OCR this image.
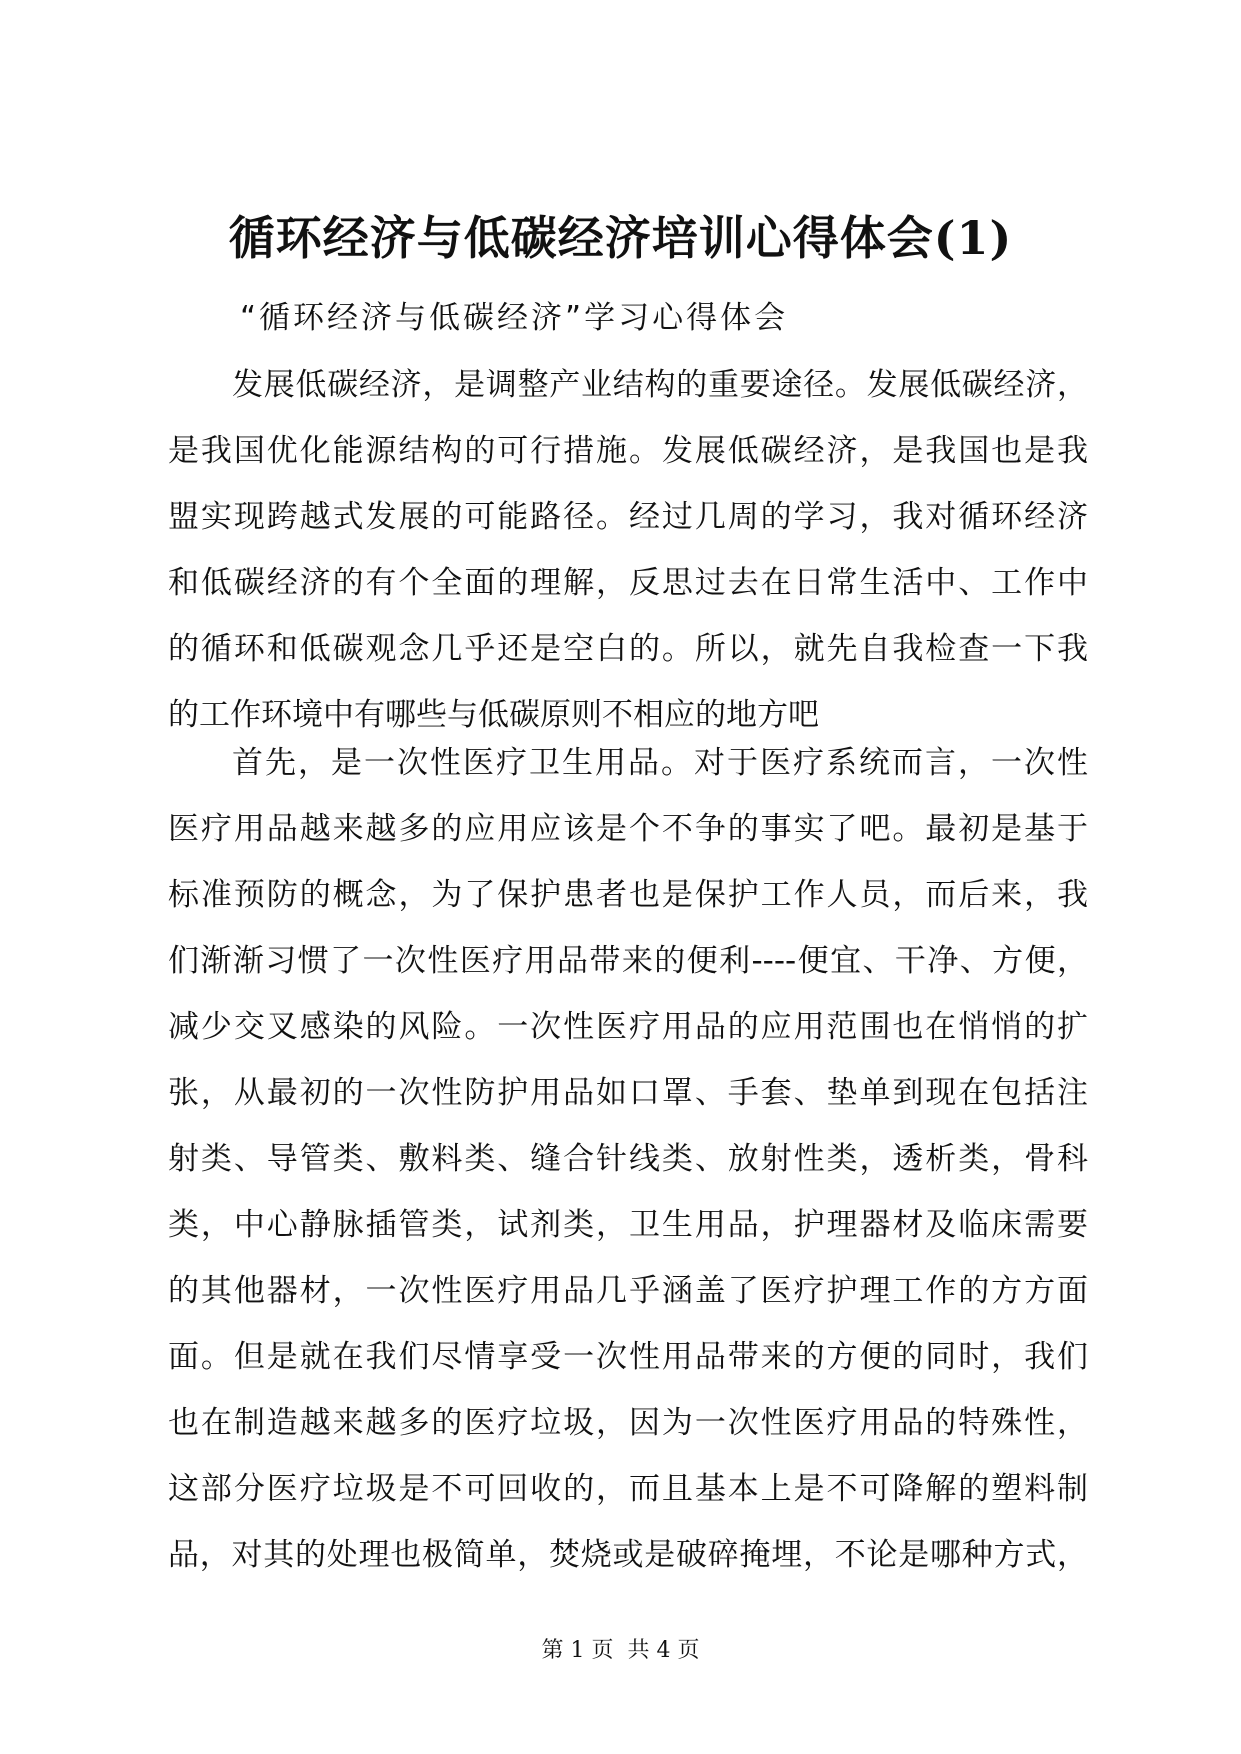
循环经济与低碳经济培训心得体会(1)
“循环经济与低碳经济”学习心得体会
发展低碳经济，是调整产业结构的重要途径。发展低碳经济，
是我国优化能源结构的可行措施。发展低碳经济，是我国也是我
盟实现跨越式发展的可能路径。经过几周的学习，我对循环经济
和低碳经济的有个全面的理解，反思过去在日常生活中、工作中
的循环和低碳观念几乎还是空白的。所以，就先自我检查一下我
的工作环境中有哪些与低碳原则不相应的地方吧
首先，是一次性医疗卫生用品。对于医疗系统而言，一次性
医疗用品越来越多的应用应该是个不争的事实了吧。最初是基于
标准预防的概念，为了保护患者也是保护工作人员，而后来，我
们渐渐习惯了一次性医疗用品带来的便利----便宜、干净、方便，
减少交叉感染的风险。一次性医疗用品的应用范围也在悄悄的扩
张，从最初的一次性防护用品如口罩、手套、垫单到现在包括注
射类、导管类、敷料类、缝合针线类、放射性类，透析类，骨科
类，中心静脉插管类，试剂类，卫生用品，护理器材及临床需要
的其他器材，一次性医疗用品几乎涵盖了医疗护理工作的方方面
面。但是就在我们尽情享受一次性用品带来的方便的同时，我们
也在制造越来越多的医疗垃圾，因为一次性医疗用品的特殊性，
这部分医疗垃圾是不可回收的，而且基本上是不可降解的塑料制
品，对其的处理也极简单，焚烧或是破碎掩埋，不论是哪种方式，
第 1 页 共 4 页
